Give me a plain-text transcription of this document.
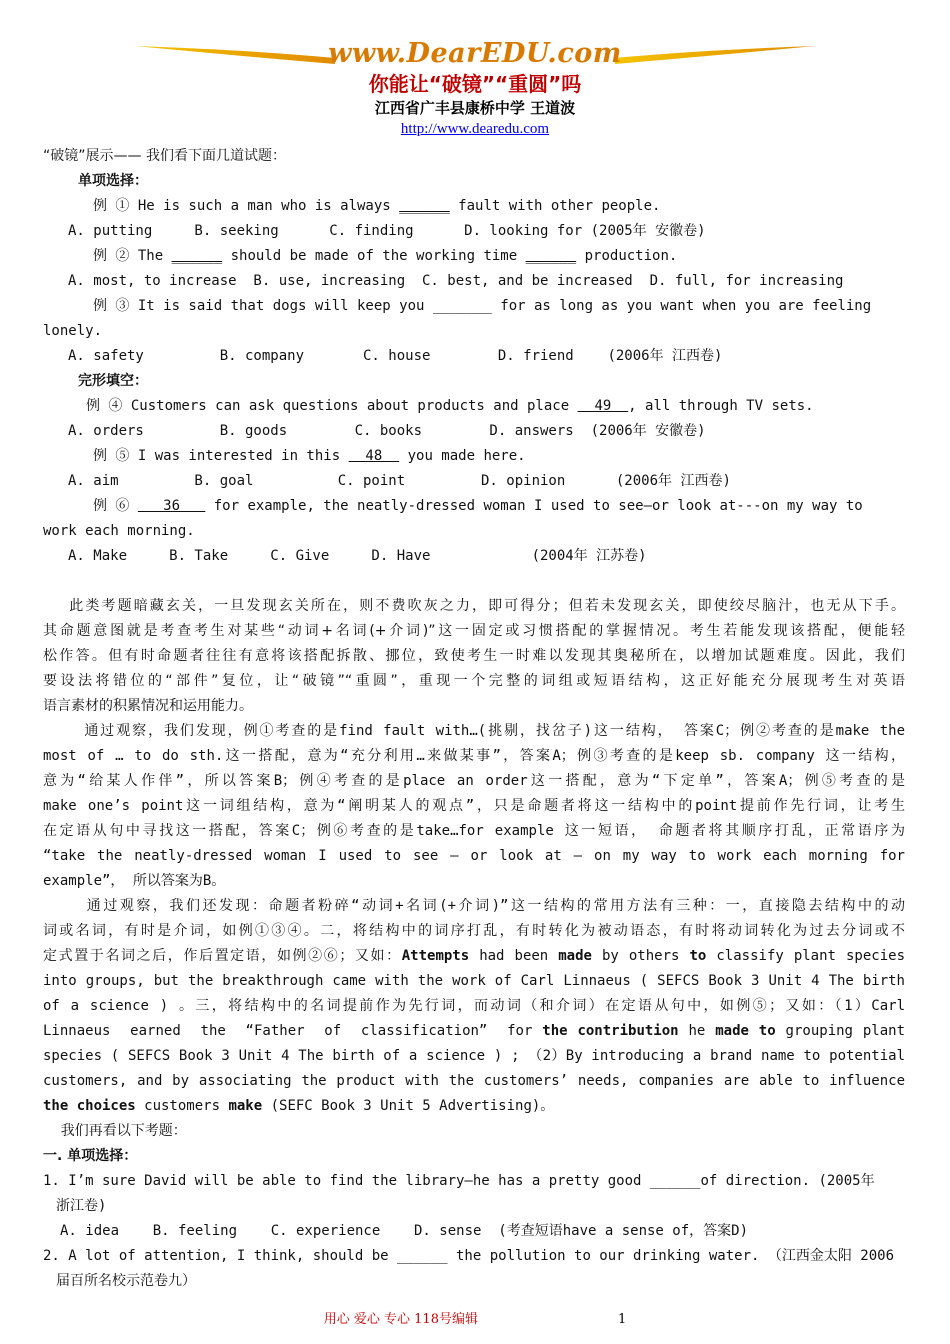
www.DearEDU.com
你能让“破镜”“重圆”吗
江西省广丰县康桥中学 王道波
http://www.dearedu.com
“破镜”展示—— 我们看下面几道试题：
单项选择：
例 ① He is such a man who is always ______ fault with other people.
A. putting     B. seeking      C. finding      D. looking for (2005年 安徽卷)
例 ② The ______ should be made of the working time ______ production.
A. most, to increase  B. use, increasing  C. best, and be increased  D. full, for increasing
例 ③ It is said that dogs will keep you _______ for as long as you want when you are feeling
lonely.
A. safety         B. company       C. house        D. friend    (2006年 江西卷)
完形填空：
例 ④ Customers can ask questions about products and place   49  , all through TV sets.
A. orders         B. goods        C. books        D. answers  (2006年 安徽卷)
例 ⑤ I was interested in this   48   you made here.
A. aim         B. goal          C. point         D. opinion      (2006年 江西卷)
例 ⑥    36    for example, the neatly-dressed woman I used to see—or look at---on my way to
work each morning.
A. Make     B. Take     C. Give     D. Have            (2004年 江苏卷)
此类考题暗藏玄关，一旦发现玄关所在，则不费吹灰之力，即可得分；但若未发现玄关，即使绞尽脑汁，也无从下手。
其命题意图就是考查考生对某些“动词+名词(+介词)”这一固定或习惯搭配的掌握情况。考生若能发现该搭配，便能轻
松作答。但有时命题者往往有意将该搭配拆散、挪位，致使考生一时难以发现其奥秘所在，以增加试题难度。因此，我们
要设法将错位的“部件”复位，让“破镜”“重圆”，重现一个完整的词组或短语结构，这正好能充分展现考生对英语
语言素材的积累情况和运用能力。
通过观察，我们发现，例①考查的是find fault with…(挑剔，找岔子)这一结构， 答案C；例②考查的是make the
most of … to do sth.这一搭配，意为“充分利用…来做某事”，答案A；例③考查的是keep sb. company 这一结构，
意为“给某人作伴”，所以答案B；例④考查的是place an order这一搭配，意为“下定单”，答案A；例⑤考查的是
make one’s point这一词组结构，意为“阐明某人的观点”，只是命题者将这一结构中的point提前作先行词，让考生
在定语从句中寻找这一搭配，答案C；例⑥考查的是take…for example 这一短语， 命题者将其顺序打乱，正常语序为
“take the neatly-dressed woman I used to see – or look at – on my way to work each morning for
example”， 所以答案为B。
通过观察，我们还发现：命题者粉碎“动词+名词(+介词)”这一结构的常用方法有三种：一，直接隐去结构中的动
词或名词，有时是介词，如例①③④。二，将结构中的词序打乱，有时转化为被动语态，有时将动词转化为过去分词或不
定式置于名词之后，作后置定语，如例②⑥；又如：Attempts had been made by others to classify plant species
into groups, but the breakthrough came with the work of Carl Linnaeus ( SEFCS Book 3 Unit 4 The birth
of a science ) 。三，将结构中的名词提前作为先行词，而动词（和介词）在定语从句中，如例⑤；又如：（1）Carl
Linnaeus  earned  the  “Father  of  classification”  for the contribution he made to grouping plant
species ( SEFCS Book 3 Unit 4 The birth of a science ) ; （2）By introducing a brand name to potential
customers, and by associating the product with the customers’ needs, companies are able to influence
the choices customers make (SEFC Book 3 Unit 5 Advertising)。
我们再看以下考题：
一. 单项选择：
1. I’m sure David will be able to find the library—he has a pretty good ______of direction. (2005年
浙江卷)
A. idea    B. feeling    C. experience    D. sense  (考查短语have a sense of，答案D)
2. A lot of attention, I think, should be ______ the pollution to our drinking water. （江西金太阳 2006
届百所名校示范卷九）
用心 爱心 专心 118号编辑	1
